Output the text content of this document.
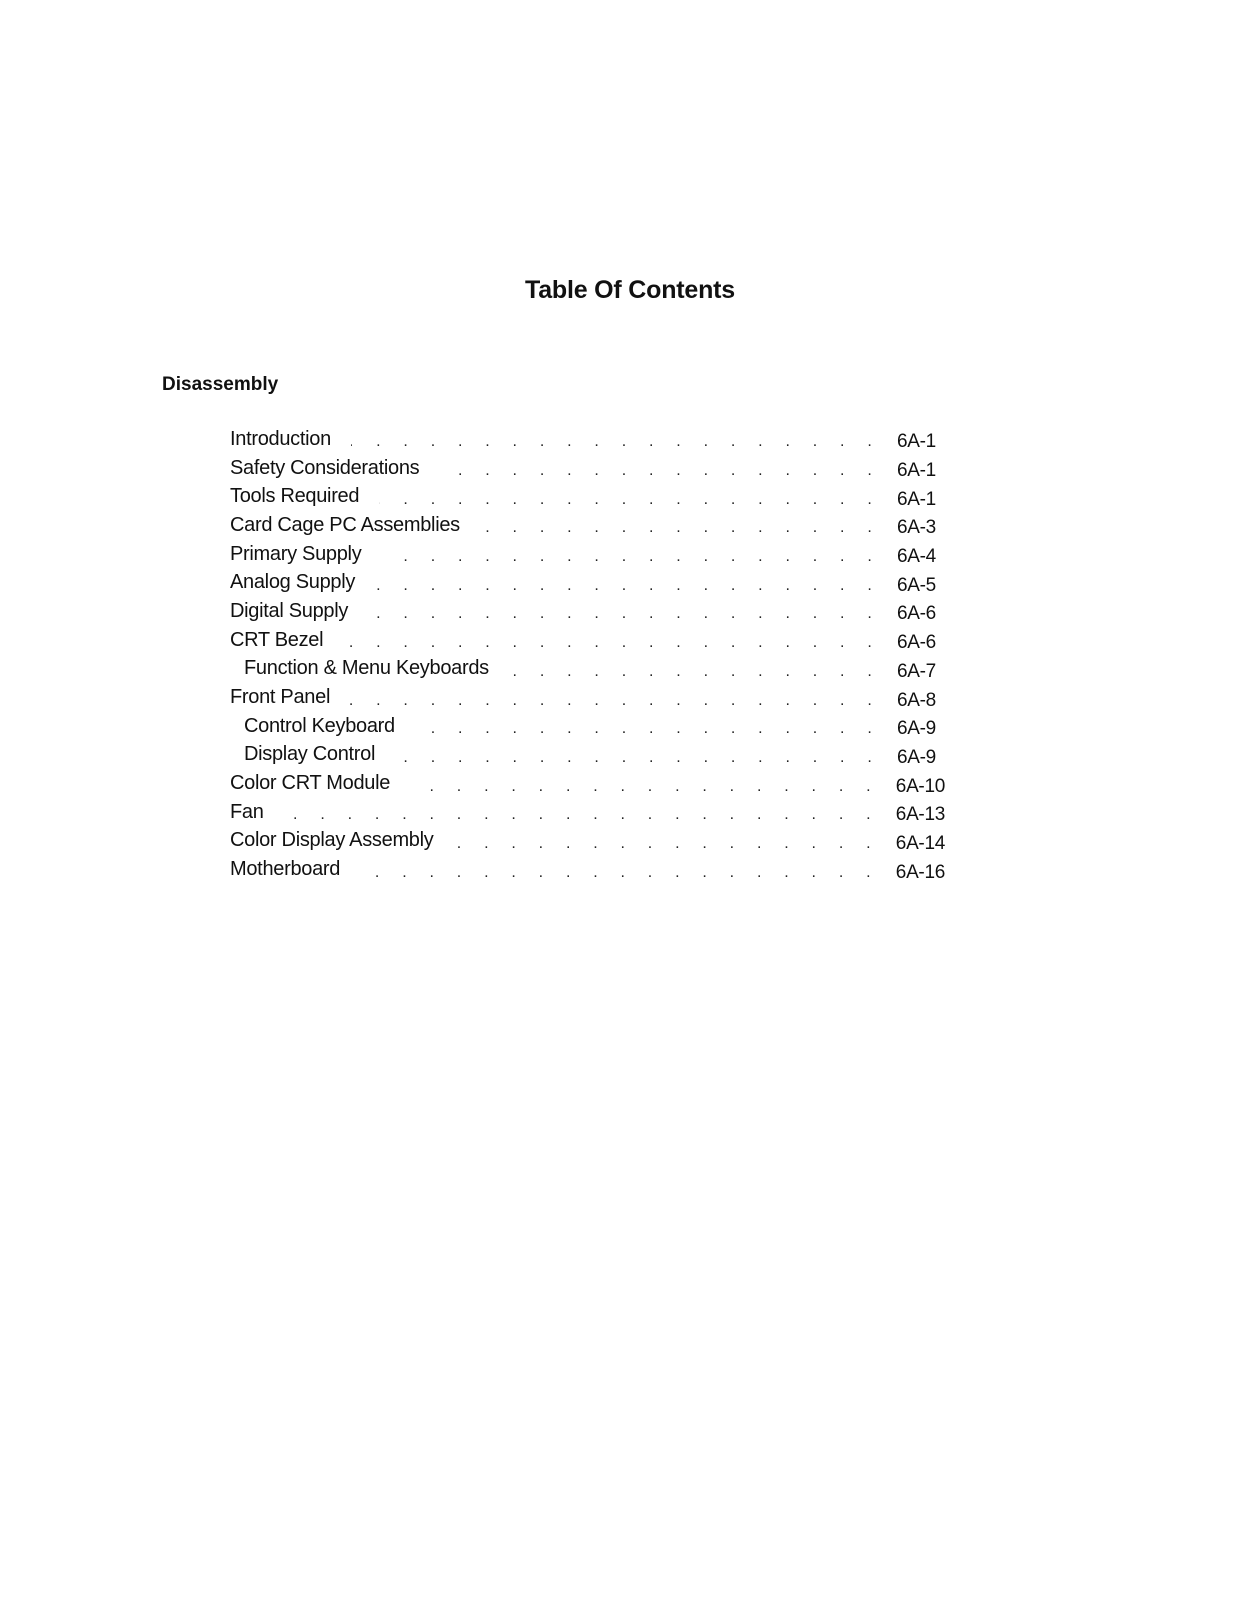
Table Of Contents
Disassembly
Introduction . . .	6A-1
Safety Considerations . . .	6A-1
Tools Required . . .	6A-1
Card Cage PC Assemblies . . .	6A-3
Primary Supply . . .	6A-4
Analog Supply . . .	6A-5
Digital Supply . . .	6A-6
CRT Bezel . . .	6A-6
Function & Menu Keyboards . . .	6A-7
Front Panel . . .	6A-8
Control Keyboard . . .	6A-9
Display Control . . .	6A-9
Color CRT Module . . .	6A-10
Fan . . .	6A-13
Color Display Assembly . . .	6A-14
Motherboard . . .	6A-16
